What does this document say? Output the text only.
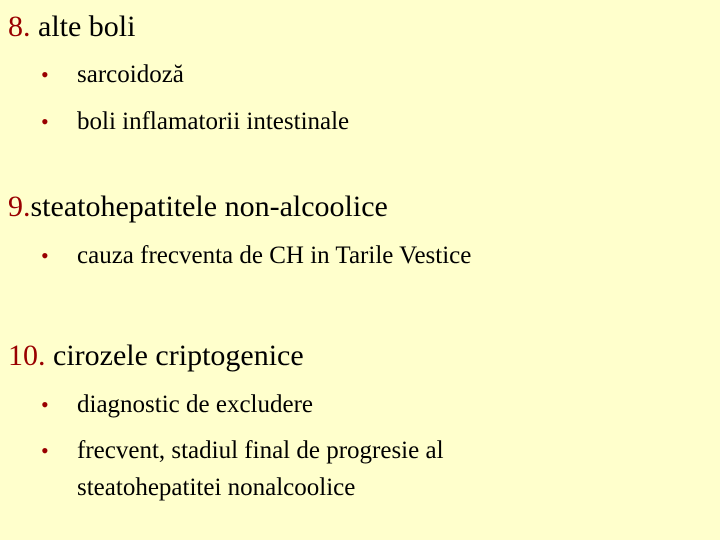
8. alte boli
• sarcoidoză
• boli inflamatorii intestinale
9.steatohepatitele non-alcoolice
• cauza frecventa de CH in Tarile Vestice
10. cirozele criptogenice
• diagnostic de excludere
• frecvent, stadiul final de progresie al
steatohepatitei nonalcoolice
